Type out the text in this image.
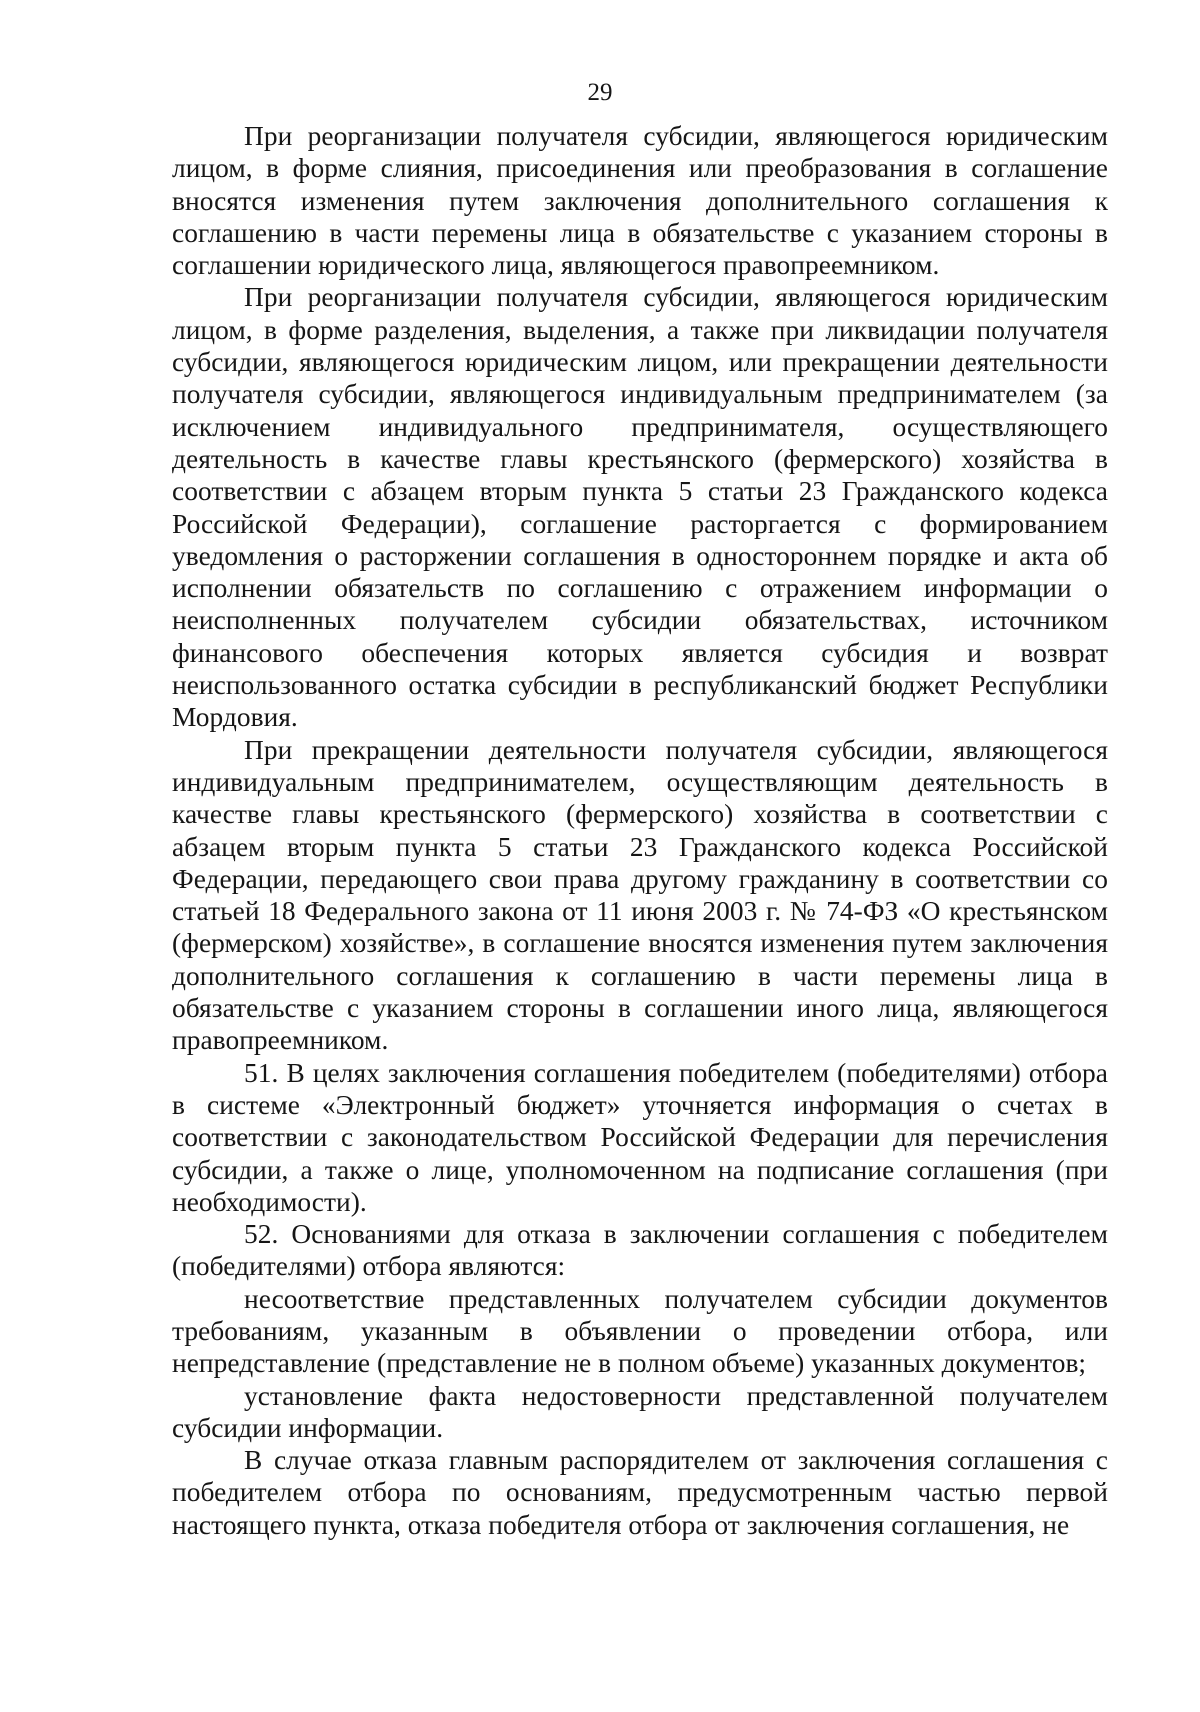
29

При реорганизации получателя субсидии, являющегося юридическим лицом, в форме слияния, присоединения или преобразования в соглашение вносятся изменения путем заключения дополнительного соглашения к соглашению в части перемены лица в обязательстве с указанием стороны в соглашении юридического лица, являющегося правопреемником.

При реорганизации получателя субсидии, являющегося юридическим лицом, в форме разделения, выделения, а также при ликвидации получателя субсидии, являющегося юридическим лицом, или прекращении деятельности получателя субсидии, являющегося индивидуальным предпринимателем (за исключением индивидуального предпринимателя, осуществляющего деятельность в качестве главы крестьянского (фермерского) хозяйства в соответствии с абзацем вторым пункта 5 статьи 23 Гражданского кодекса Российской Федерации), соглашение расторгается с формированием уведомления о расторжении соглашения в одностороннем порядке и акта об исполнении обязательств по соглашению с отражением информации о неисполненных получателем субсидии обязательствах, источником финансового обеспечения которых является субсидия и возврат неиспользованного остатка субсидии в республиканский бюджет Республики Мордовия.

При прекращении деятельности получателя субсидии, являющегося индивидуальным предпринимателем, осуществляющим деятельность в качестве главы крестьянского (фермерского) хозяйства в соответствии с абзацем вторым пункта 5 статьи 23 Гражданского кодекса Российской Федерации, передающего свои права другому гражданину в соответствии со статьей 18 Федерального закона от 11 июня 2003 г. № 74-ФЗ «О крестьянском (фермерском) хозяйстве», в соглашение вносятся изменения путем заключения дополнительного соглашения к соглашению в части перемены лица в обязательстве с указанием стороны в соглашении иного лица, являющегося правопреемником.

51. В целях заключения соглашения победителем (победителями) отбора в системе «Электронный бюджет» уточняется информация о счетах в соответствии с законодательством Российской Федерации для перечисления субсидии, а также о лице, уполномоченном на подписание соглашения (при необходимости).

52. Основаниями для отказа в заключении соглашения с победителем (победителями) отбора являются:

несоответствие представленных получателем субсидии документов требованиям, указанным в объявлении о проведении отбора, или непредставление (представление не в полном объеме) указанных документов;

установление факта недостоверности представленной получателем субсидии информации.

В случае отказа главным распорядителем от заключения соглашения с победителем отбора по основаниям, предусмотренным частью первой настоящего пункта, отказа победителя отбора от заключения соглашения, не
